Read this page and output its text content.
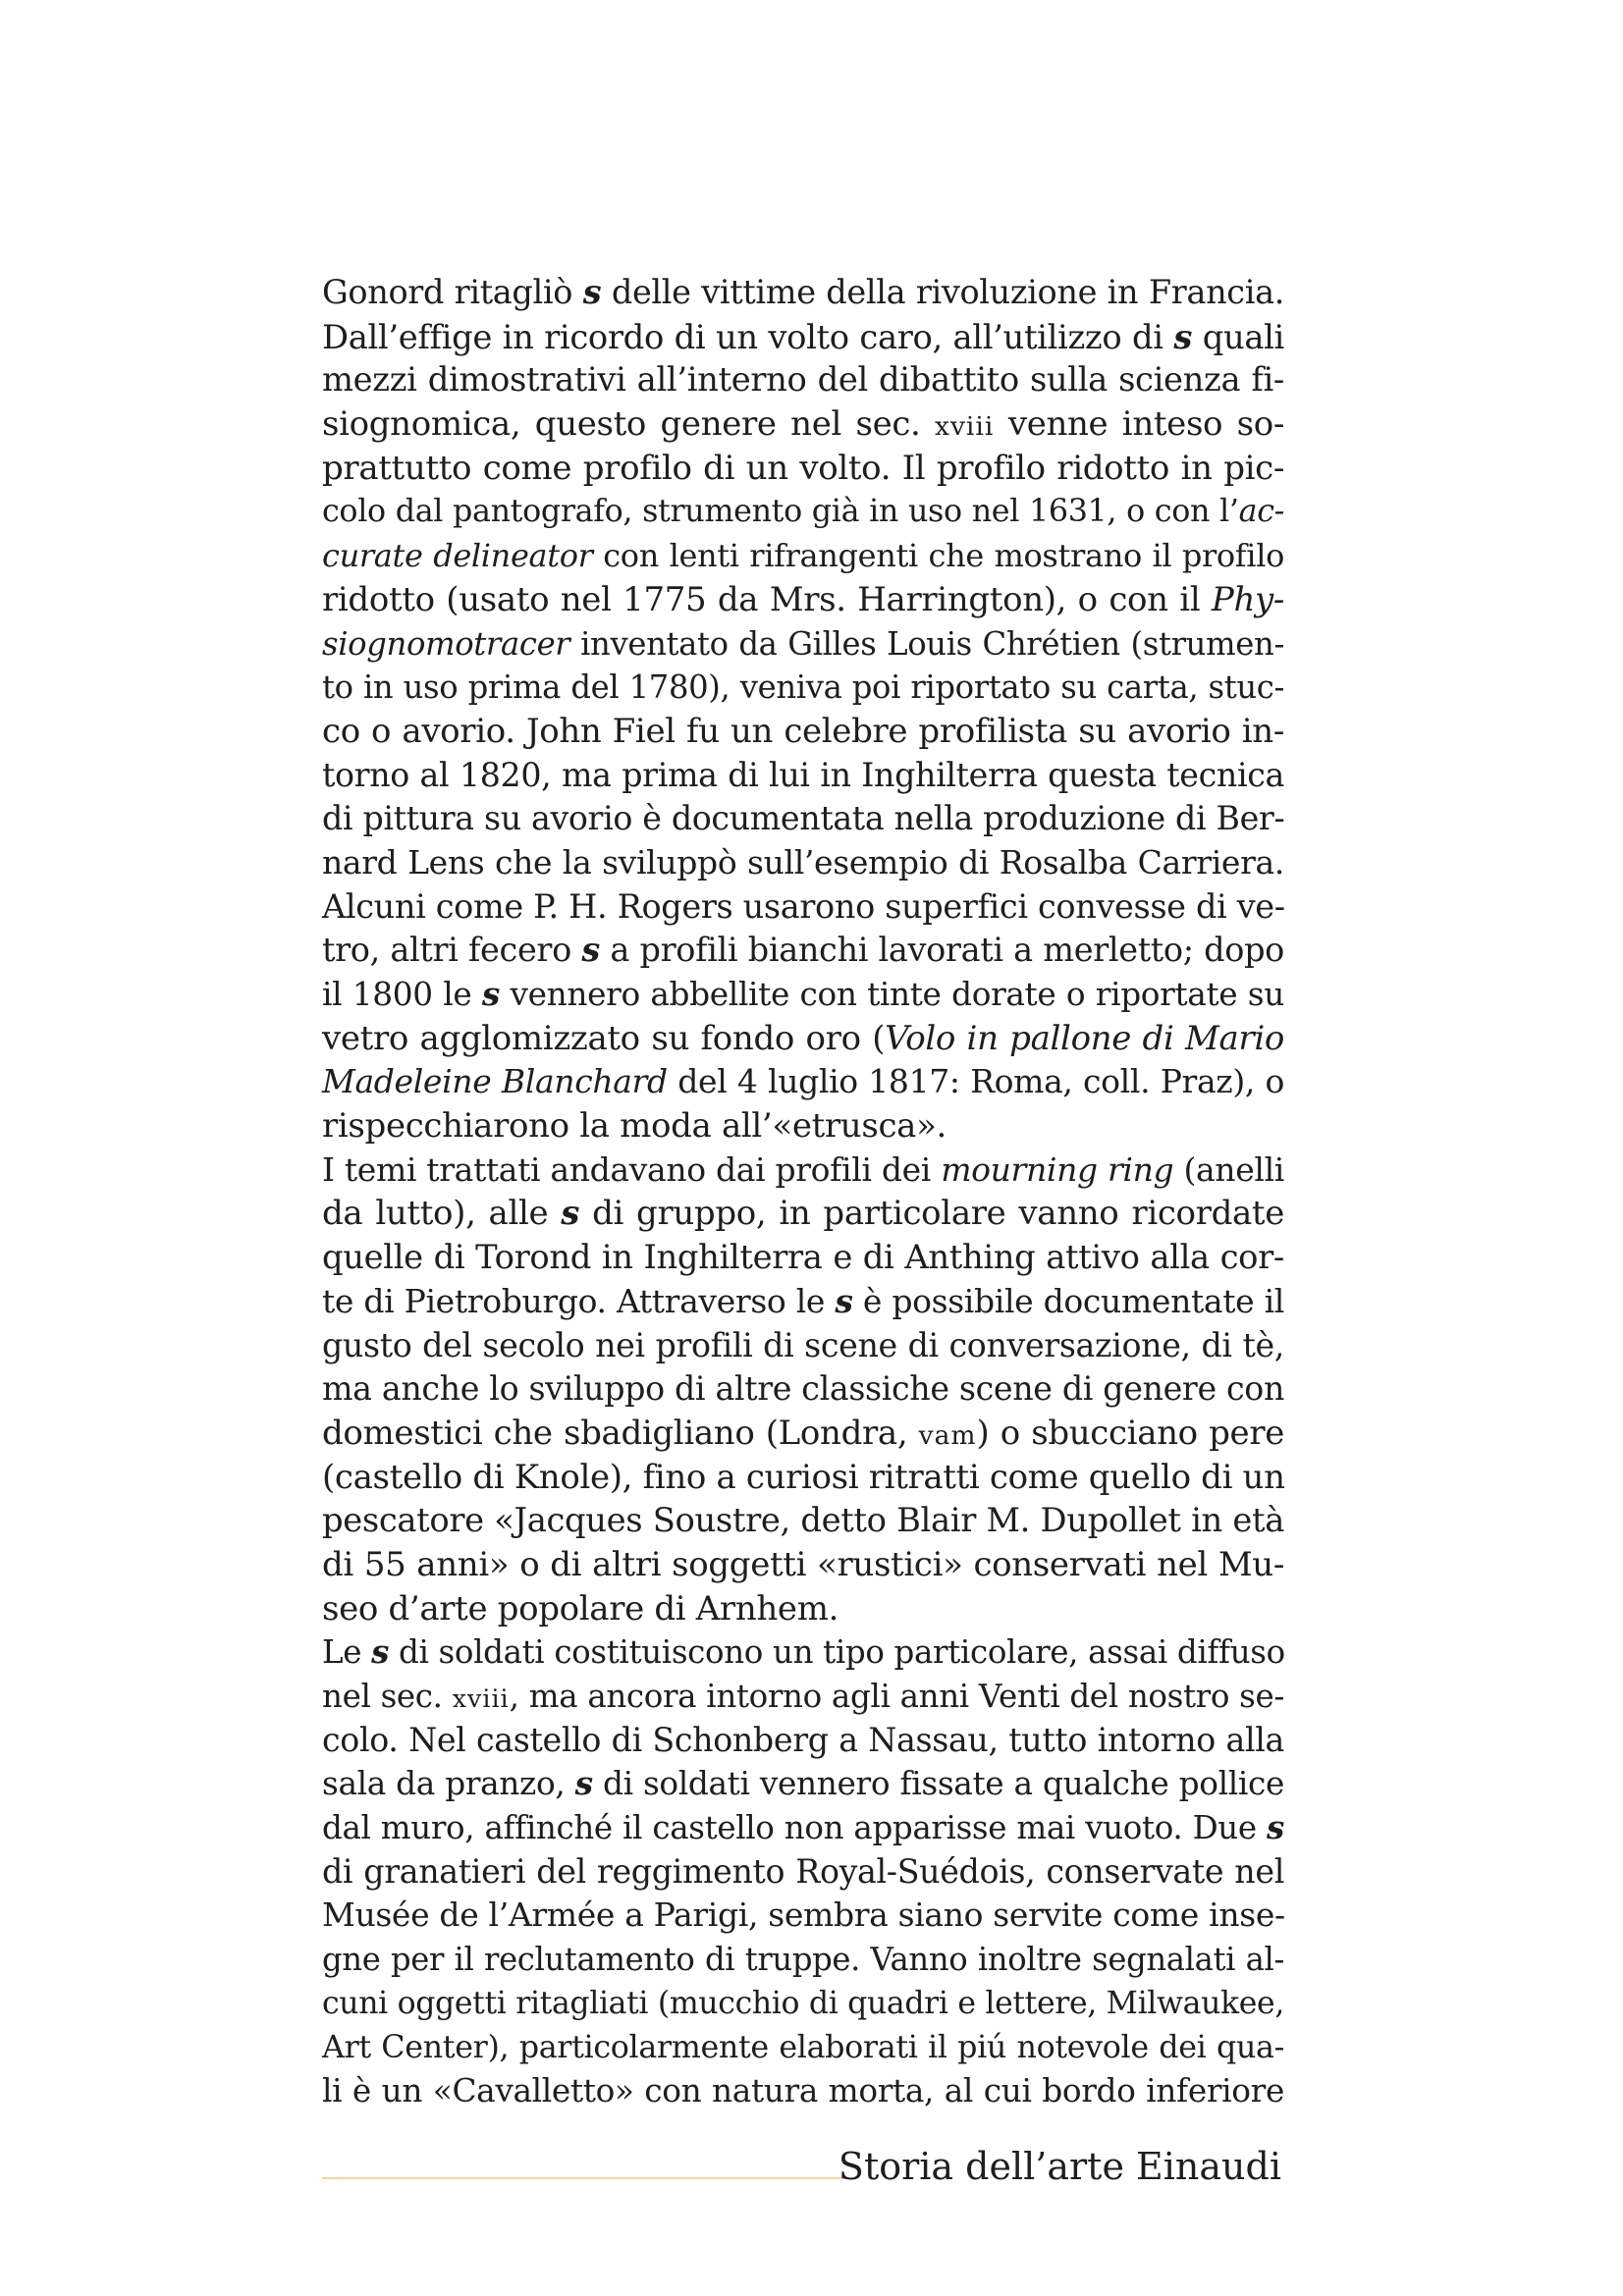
Gonord ritagliò s delle vittime della rivoluzione in Francia.
Dall’effige in ricordo di un volto caro, all’utilizzo di s quali
mezzi dimostrativi all’interno del dibattito sulla scienza fi-
siognomica, questo genere nel sec. xviii venne inteso so-
prattutto come profilo di un volto. Il profilo ridotto in pic-
colo dal pantografo, strumento già in uso nel 1631, o con l’ac-
curate delineator con lenti rifrangenti che mostrano il profilo
ridotto (usato nel 1775 da Mrs. Harrington), o con il Phy-
siognomotracer inventato da Gilles Louis Chrétien (strumen-
to in uso prima del 1780), veniva poi riportato su carta, stuc-
co o avorio. John Fiel fu un celebre profilista su avorio in-
torno al 1820, ma prima di lui in Inghilterra questa tecnica
di pittura su avorio è documentata nella produzione di Ber-
nard Lens che la sviluppò sull’esempio di Rosalba Carriera.
Alcuni come P. H. Rogers usarono superfici convesse di ve-
tro, altri fecero s a profili bianchi lavorati a merletto; dopo
il 1800 le s vennero abbellite con tinte dorate o riportate su
vetro agglomizzato su fondo oro (Volo in pallone di Mario
Madeleine Blanchard del 4 luglio 1817: Roma, coll. Praz), o
rispecchiarono la moda all’«etrusca».
I temi trattati andavano dai profili dei mourning ring (anelli
da lutto), alle s di gruppo, in particolare vanno ricordate
quelle di Torond in Inghilterra e di Anthing attivo alla cor-
te di Pietroburgo. Attraverso le s è possibile documentate il
gusto del secolo nei profili di scene di conversazione, di tè,
ma anche lo sviluppo di altre classiche scene di genere con
domestici che sbadigliano (Londra, vam) o sbucciano pere
(castello di Knole), fino a curiosi ritratti come quello di un
pescatore «Jacques Soustre, detto Blair M. Dupollet in età
di 55 anni» o di altri soggetti «rustici» conservati nel Mu-
seo d’arte popolare di Arnhem.
Le s di soldati costituiscono un tipo particolare, assai diffuso
nel sec. xviii, ma ancora intorno agli anni Venti del nostro se-
colo. Nel castello di Schonberg a Nassau, tutto intorno alla
sala da pranzo, s di soldati vennero fissate a qualche pollice
dal muro, affinché il castello non apparisse mai vuoto. Due s
di granatieri del reggimento Royal-Suédois, conservate nel
Musée de l’Armée a Parigi, sembra siano servite come inse-
gne per il reclutamento di truppe. Vanno inoltre segnalati al-
cuni oggetti ritagliati (mucchio di quadri e lettere, Milwaukee,
Art Center), particolarmente elaborati il piú notevole dei qua-
li è un «Cavalletto» con natura morta, al cui bordo inferiore
Storia dell’arte Einaudi
